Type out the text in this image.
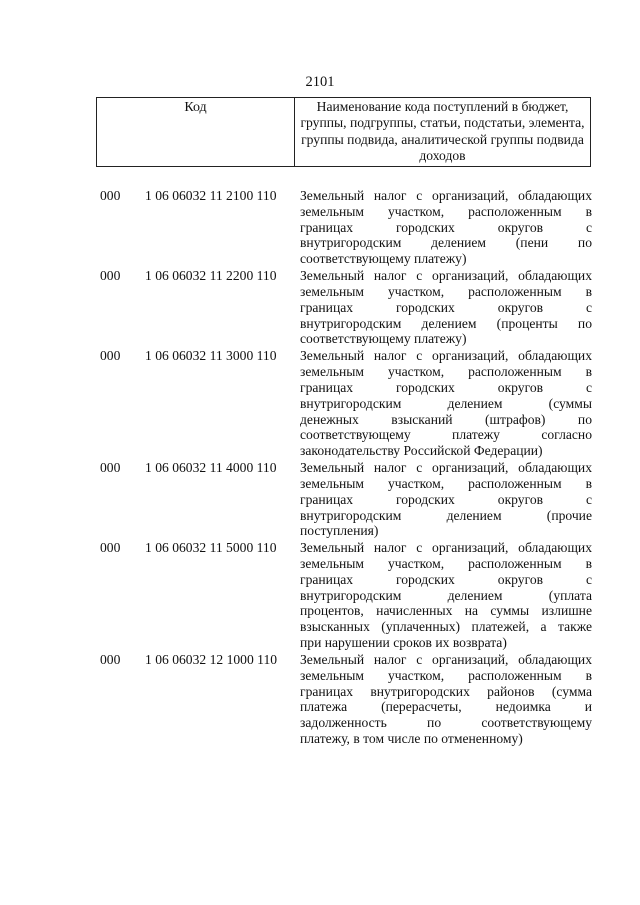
2101
Код	Наименование кода поступлений в бюджет, группы, подгруппы, статьи, подстатьи, элемента, группы подвида, аналитической группы подвида доходов
000	1 06 06032 11 2100 110	Земельный налог с организаций, обладающих
земельным участком, расположенным в
границах городских округов с
внутригородским делением (пени по
соответствующему платежу)
000	1 06 06032 11 2200 110	Земельный налог с организаций, обладающих
земельным участком, расположенным в
границах городских округов с
внутригородским делением (проценты по
соответствующему платежу)
000	1 06 06032 11 3000 110	Земельный налог с организаций, обладающих
земельным участком, расположенным в
границах городских округов с
внутригородским делением (суммы
денежных взысканий (штрафов) по
соответствующему платежу согласно
законодательству Российской Федерации)
000	1 06 06032 11 4000 110	Земельный налог с организаций, обладающих
земельным участком, расположенным в
границах городских округов с
внутригородским делением (прочие
поступления)
000	1 06 06032 11 5000 110	Земельный налог с организаций, обладающих
земельным участком, расположенным в
границах городских округов с
внутригородским делением (уплата
процентов, начисленных на суммы излишне
взысканных (уплаченных) платежей, а также
при нарушении сроков их возврата)
000	1 06 06032 12 1000 110	Земельный налог с организаций, обладающих
земельным участком, расположенным в
границах внутригородских районов (сумма
платежа (перерасчеты, недоимка и
задолженность по соответствующему
платежу, в том числе по отмененному)
